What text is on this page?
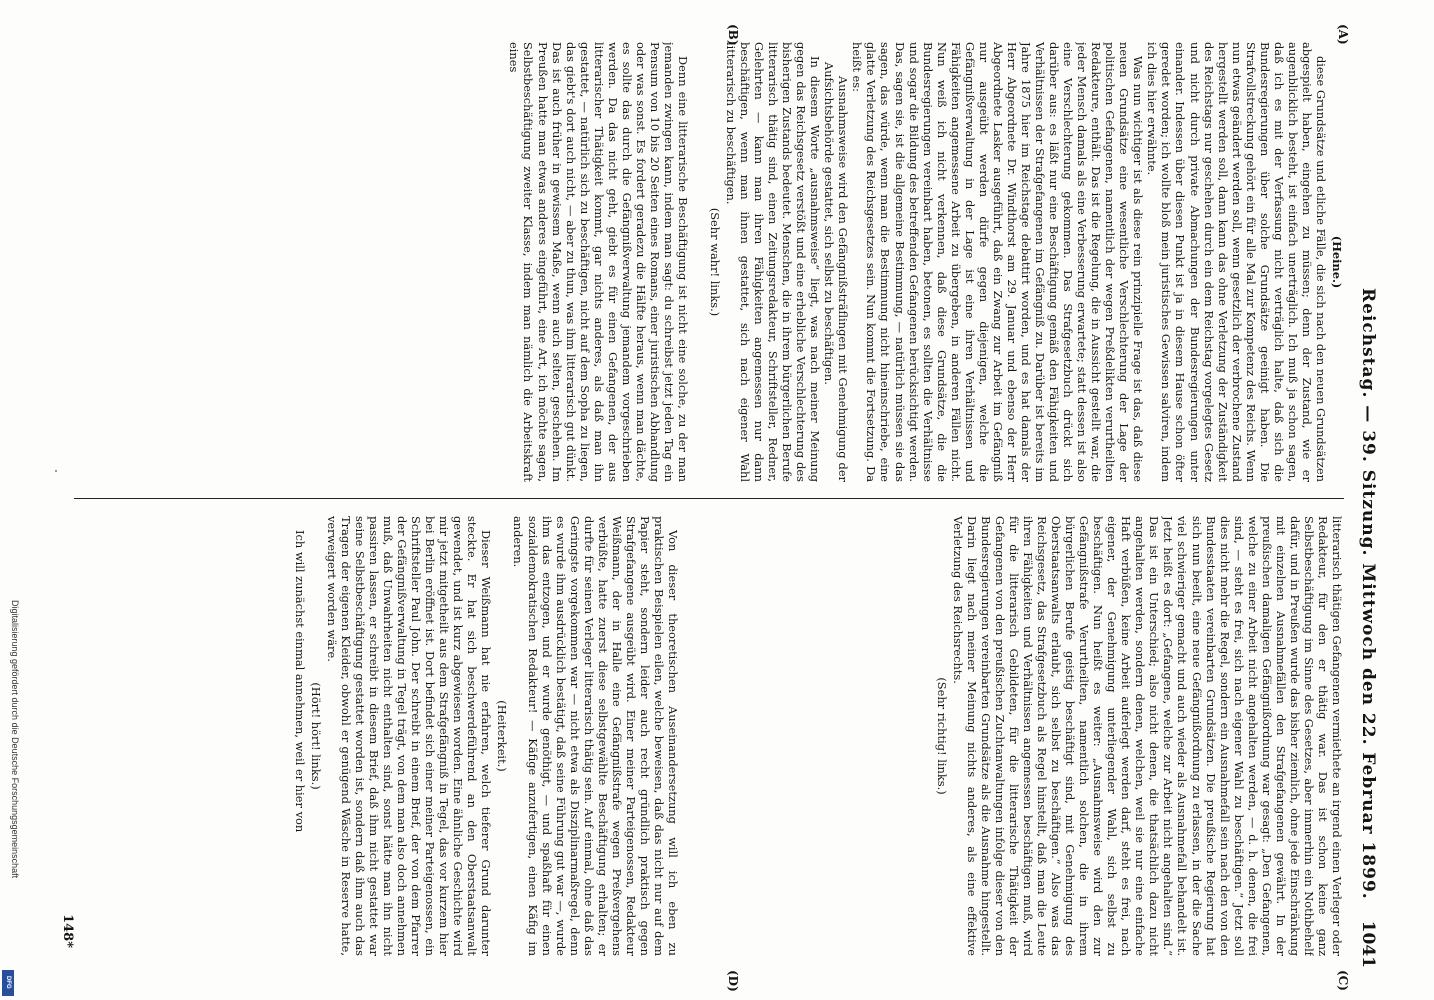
Reichstag. — 39. Sitzung. Mittwoch den 22. Februar 1899.
1041
(A)
(B)
(C)
(D)

(Heine.)

diese Grundsätze und etliche Fälle, die sich nach den neuen Grundsätzen abgespielt haben, eingehen zu müssen; denn der Zustand, wie er augenblicklich besteht, ist einfach unerträglich. Ich muß ja schon sagen, daß ich es mit der Verfassung nicht verträglich halte, daß sich die Bundesregierungen über solche Grundsätze geeinigt haben. Die Strafvollstreckung gehört ein für alle Mal zur Kompetenz des Reichs. Wenn nun etwas geändert werden soll, wenn gesetzlich der verbrochene Zustand hergestellt werden soll, dann kann das ohne Verletzung der Zuständigkeit des Reichstags nur geschehen durch ein dem Reichstag vorgelegtes Gesetz und nicht durch private Abmachungen der Bundesregierungen unter einander. Indessen über diesen Punkt ist ja in diesem Hause schon öfter geredet worden; ich wollte bloß mein juristisches Gewissen salviren, indem ich dies hier erwähnte.

Was nun wichtiger ist als diese rein prinzipielle Frage ist das, daß diese neuen Grundsätze eine wesentliche Verschlechterung der Lage der politischen Gefangenen, namentlich der wegen Preßdelikten verurtheilten Redakteure, enthält. Das ist die Regelung, die in Aussicht gestellt war, die jeder Mensch damals als eine Verbesserung erwartete; statt dessen ist also eine Verschlechterung gekommen. Das Strafgesetzbuch drückt sich darüber aus: es läßt nur eine Beschäftigung gemäß den Fähigkeiten und Verhältnissen der Strafgefangenen im Gefängniß zu. Darüber ist bereits im Jahre 1875 hier im Reichstage debattirt worden, und es hat damals der Herr Abgeordnete Dr. Windthorst am 29. Januar und ebenso der Herr Abgeordnete Lasker ausgeführt, daß ein Zwang zur Arbeit im Gefängniß nur ausgeübt werden dürfe gegen diejenigen, welche die Gefängnißverwaltung in der Lage ist eine ihren Verhältnissen und Fähigkeiten angemessene Arbeit zu übergeben, in anderen Fällen nicht. Nun weiß ich nicht verkennen, daß diese Grundsätze, die die Bundesregierungen vereinbart haben, betonen, es sollten die Verhältnisse und sogar die Bildung des betreffenden Gefangenen berücksichtigt werden. Das, sagen sie, ist die allgemeine Bestimmung, — natürlich müssen sie das sagen, das würde, wenn man die Bestimmung nicht hineinschriebe, eine glatte Verletzung des Reichsgesetzes sein. Nun kommt die Fortsetzung. Da heißt es:

Ausnahmsweise wird den Gefängnißsträflingen mit Genehmigung der Aufsichtsbehörde gestattet, sich selbst zu beschäftigen.

In diesem Worte „ausnahmsweise“ liegt, was nach meiner Meinung gegen das Reichsgesetz verstößt und eine erhebliche Verschlechterung des bisherigen Zustands bedeutet. Menschen, die in ihrem bürgerlichen Berufe litterarisch thätig sind, einen Zeitungsredakteur, Schriftsteller, Redner, Gelehrten — kann man ihren Fähigkeiten angemessen nur dann beschäftigen, wenn man ihnen gestattet, sich nach eigener Wahl litterarisch zu beschäftigen.

(Sehr wahr! links.)

Denn eine litterarische Beschäftigung ist nicht eine solche, zu der man jemanden zwingen kann, indem man sagt: du schreibst jetzt jeden Tag ein Pensum von 10 bis 20 Seiten eines Romans, einer juristischen Abhandlung oder was sonst. Es fordert geradezu die Hälfte heraus, wenn man dächte, es sollte das durch die Gefängnißverwaltung jemandem vorgeschrieben werden. Da das nicht geht, giebt es für einen Gefangenen, der aus litterarischer Thätigkeit kommt, gar nichts anderes, als daß man ihn gestattet, — natürlich sich zu beschäftigen, nicht auf dem Sopha zu liegen, das giebt's dort auch nicht, — aber zu thun, was ihm litterarisch gut dünkt. Das ist auch früher in gewissem Maße, wenn auch selten, geschehen. Im Preußen hatte man etwas anderes eingeführt, eine Art, ich möchte sagen, Selbstbeschäftigung zweiter Klasse, indem man nämlich die Arbeitskraft eines

litterarisch thätigen Gefangenen vermiethete an irgend einen Verleger oder Redakteur, für den er thätig war. Das ist schon keine ganz Selbstbeschäftigung im Sinne des Gesetzes, aber immerhin ein Nothbehelf dafür, und in Preußen wurde das bisher ziemlich, ohne jede Einschränkung mit einzelnen Ausnahmefällen den Strafgefangenen gewährt. In der preußischen damaligen Gefängnißordnung war gesagt: „Den Gefangenen, welche zu einer Arbeit nicht angehalten werden, — d. h. denen, die frei sind, — steht es frei, sich nach eigener Wahl zu beschäftigen.“ Jetzt soll dies nicht mehr die Regel, sondern ein Ausnahmefall sein nach den von den Bundesstaaten vereinbarten Grundsätzen. Die preußische Regierung hat sich nun beeilt, eine neue Gefängnißordnung zu erlassen, in der die Sache viel schwieriger gemacht und auch wieder als Ausnahmefall behandelt ist. Jetzt heißt es dort: „Gefangene, welche zur Arbeit nicht angehalten sind.“ Das ist ein Unterschied; also nicht denen, die thatsächlich dazu nicht angehalten werden, sondern denen, welchen, weil sie nur eine einfache Haft verbüßen, keine Arbeit auferlegt werden darf, steht es frei, nach eigener, der Genehmigung unterliegender Wahl, sich selbst zu beschäftigen. Nun heißt es weiter: „Ausnahmsweise wird den zur Gefängnißstrafe Verurtheilten, namentlich solchen, die in ihrem bürgerlichen Berufe geistig beschäftigt sind, mit Genehmigung des Oberstaatsanwalts erlaubt, sich selbst zu beschäftigen.“ Also was das Reichsgesetz, das Strafgesetzbuch als Regel hinstellt, daß man die Leute ihren Fähigkeiten und Verhältnissen angemessen beschäftigen muß, wird für die litterarisch Gebildeten, für die litterarische Thätigkeit der Gefangenen von den preußischen Zuchtanwaltungen infolge dieser von den Bundesregierungen vereinbarten Grundsätze als die Ausnahme hingestellt. Darin liegt nach meiner Meinung nichts anderes, als eine effektive Verletzung des Reichsrechts.

(Sehr richtig! links.)

Von dieser theoretischen Auseinandersetzung will ich eben zu praktischen Beispielen eilen, welche beweisen, daß das nicht nur auf dem Papier steht, sondern leider auch recht gründlich praktisch gegen Strafgefangene ausgeübt wird. Einer meiner Parteigenossen, Redakteur Weißmann, der in Halle eine Gefängnißstrafe wegen Preßvergehens verbüßte, hatte zuerst diese selbstgewählte Beschäftigung erhalten; er durfte für seinen Verleger litterarisch thätig sein. Auf einmal, ohne daß das Geringste vorgekommen war — nicht etwa als Disziplinarmaßregel, denn es wurde ihm ausdrücklich bestätigt, daß seine Führung gut war —, wurde ihm das entzogen, und er wurde genöthigt, — und spaßhaft für einen sozialdemokratischen Redakteur! — Käfige anzufertigen, einen Käfig im anderen.

(Heiterkeit.)

Dieser Weißmann hat nie erfahren, welch tieferer Grund darunter steckte. Er hat sich beschwerdeführend an den Oberstaatsanwalt gewendet, und ist kurz abgewiesen worden. Eine ähnliche Geschichte wird mir jetzt mitgetheilt aus dem Strafgefängniß in Tegel, das vor kurzem hier bei Berlin eröffnet ist. Dort befindet sich einer meiner Parteigenossen, ein Schriftsteller Paul John. Der schreibt in einem Brief, der von dem Pfarrer der Gefängnißverwaltung in Tegel trägt, von dem man also doch annehmen muß, daß Unwahrheiten nicht enthalten sind, sonst hätte man ihn nicht passiren lassen, er schreibt in diesem Brief, daß ihm nicht gestattet war seine Selbstbeschäftigung gestattet worden ist, sondern daß ihm auch das Tragen der eigenen Kleider, obwohl er genügend Wäsche in Reserve hatte, verweigert worden wäre.

(Hört! hört! links.)

Ich will zunächst einmal annehmen, weil er hier von

148*
Digitalisierung gefördert durch die Deutsche Forschungsgemeinschaft
DFG
